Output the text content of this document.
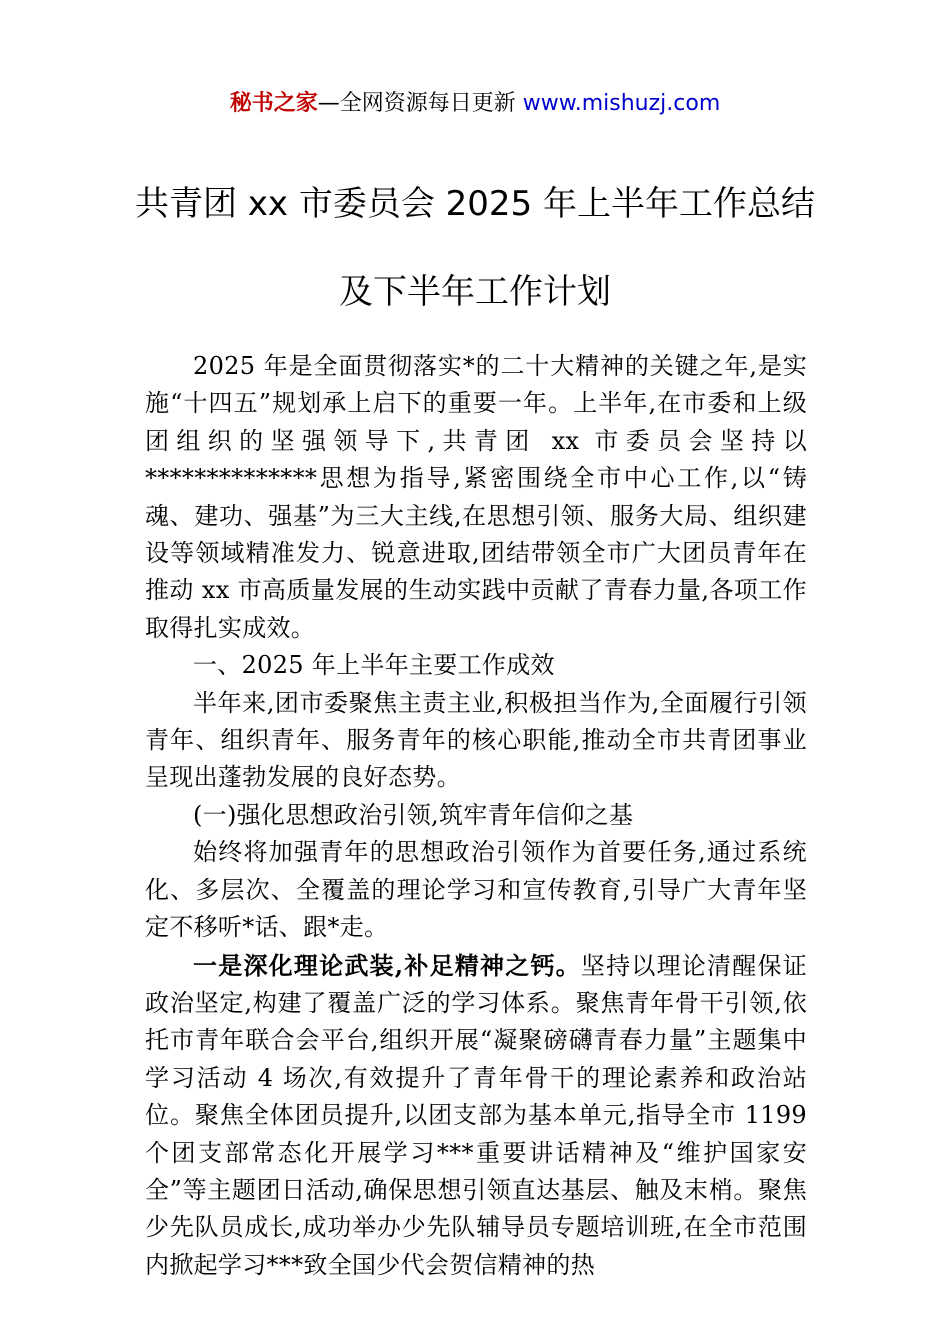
秘书之家—全网资源每日更新 www.mishuzj.com
共青团 xx 市委员会 2025 年上半年工作总结
及下半年工作计划

2025 年是全面贯彻落实*的二十大精神的关键之年,是实施“十四五”规划承上启下的重要一年。上半年,在市委和上级团组织的坚强领导下,共青团 xx 市委员会坚持以**************思想为指导,紧密围绕全市中心工作,以“铸魂、建功、强基”为三大主线,在思想引领、服务大局、组织建设等领域精准发力、锐意进取,团结带领全市广大团员青年在推动 xx 市高质量发展的生动实践中贡献了青春力量,各项工作取得扎实成效。

一、2025 年上半年主要工作成效

半年来,团市委聚焦主责主业,积极担当作为,全面履行引领青年、组织青年、服务青年的核心职能,推动全市共青团事业呈现出蓬勃发展的良好态势。

(一)强化思想政治引领,筑牢青年信仰之基

始终将加强青年的思想政治引领作为首要任务,通过系统化、多层次、全覆盖的理论学习和宣传教育,引导广大青年坚定不移听*话、跟*走。

一是深化理论武装,补足精神之钙。坚持以理论清醒保证政治坚定,构建了覆盖广泛的学习体系。聚焦青年骨干引领,依托市青年联合会平台,组织开展“凝聚磅礴青春力量”主题集中学习活动 4 场次,有效提升了青年骨干的理论素养和政治站位。聚焦全体团员提升,以团支部为基本单元,指导全市 1199 个团支部常态化开展学习***重要讲话精神及“维护国家安全”等主题团日活动,确保思想引领直达基层、触及末梢。聚焦少先队员成长,成功举办少先队辅导员专题培训班,在全市范围内掀起学习***致全国少代会贺信精神的热
